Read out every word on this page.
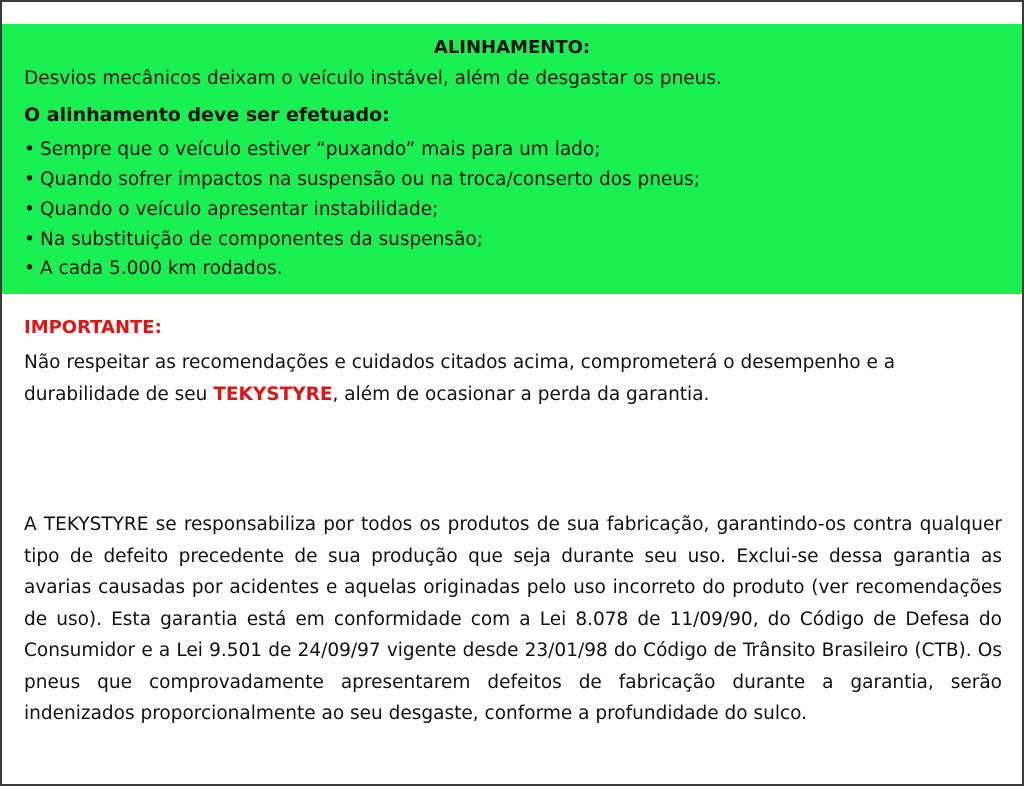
ALINHAMENTO:
Desvios mecânicos deixam o veículo instável, além de desgastar os pneus.
O alinhamento deve ser efetuado:
• Sempre que o veículo estiver “puxando” mais para um lado;
• Quando sofrer impactos na suspensão ou na troca/conserto dos pneus;
• Quando o veículo apresentar instabilidade;
• Na substituição de componentes da suspensão;
• A cada 5.000 km rodados.
IMPORTANTE:
Não respeitar as recomendações e cuidados citados acima, comprometerá o desempenho e a durabilidade de seu TEKYSTYRE, além de ocasionar a perda da garantia.
A TEKYSTYRE se responsabiliza por todos os produtos de sua fabricação, garantindo-os contra qualquer tipo de defeito precedente de sua produção que seja durante seu uso. Exclui-se dessa garantia as avarias causadas por acidentes e aquelas originadas pelo uso incorreto do produto (ver recomendações de uso). Esta garantia está em conformidade com a Lei 8.078 de 11/09/90, do Código de Defesa do Consumidor e a Lei 9.501 de 24/09/97 vigente desde 23/01/98 do Código de Trânsito Brasileiro (CTB). Os pneus que comprovadamente apresentarem defeitos de fabricação durante a garantia, serão indenizados proporcionalmente ao seu desgaste, conforme a profundidade do sulco.
